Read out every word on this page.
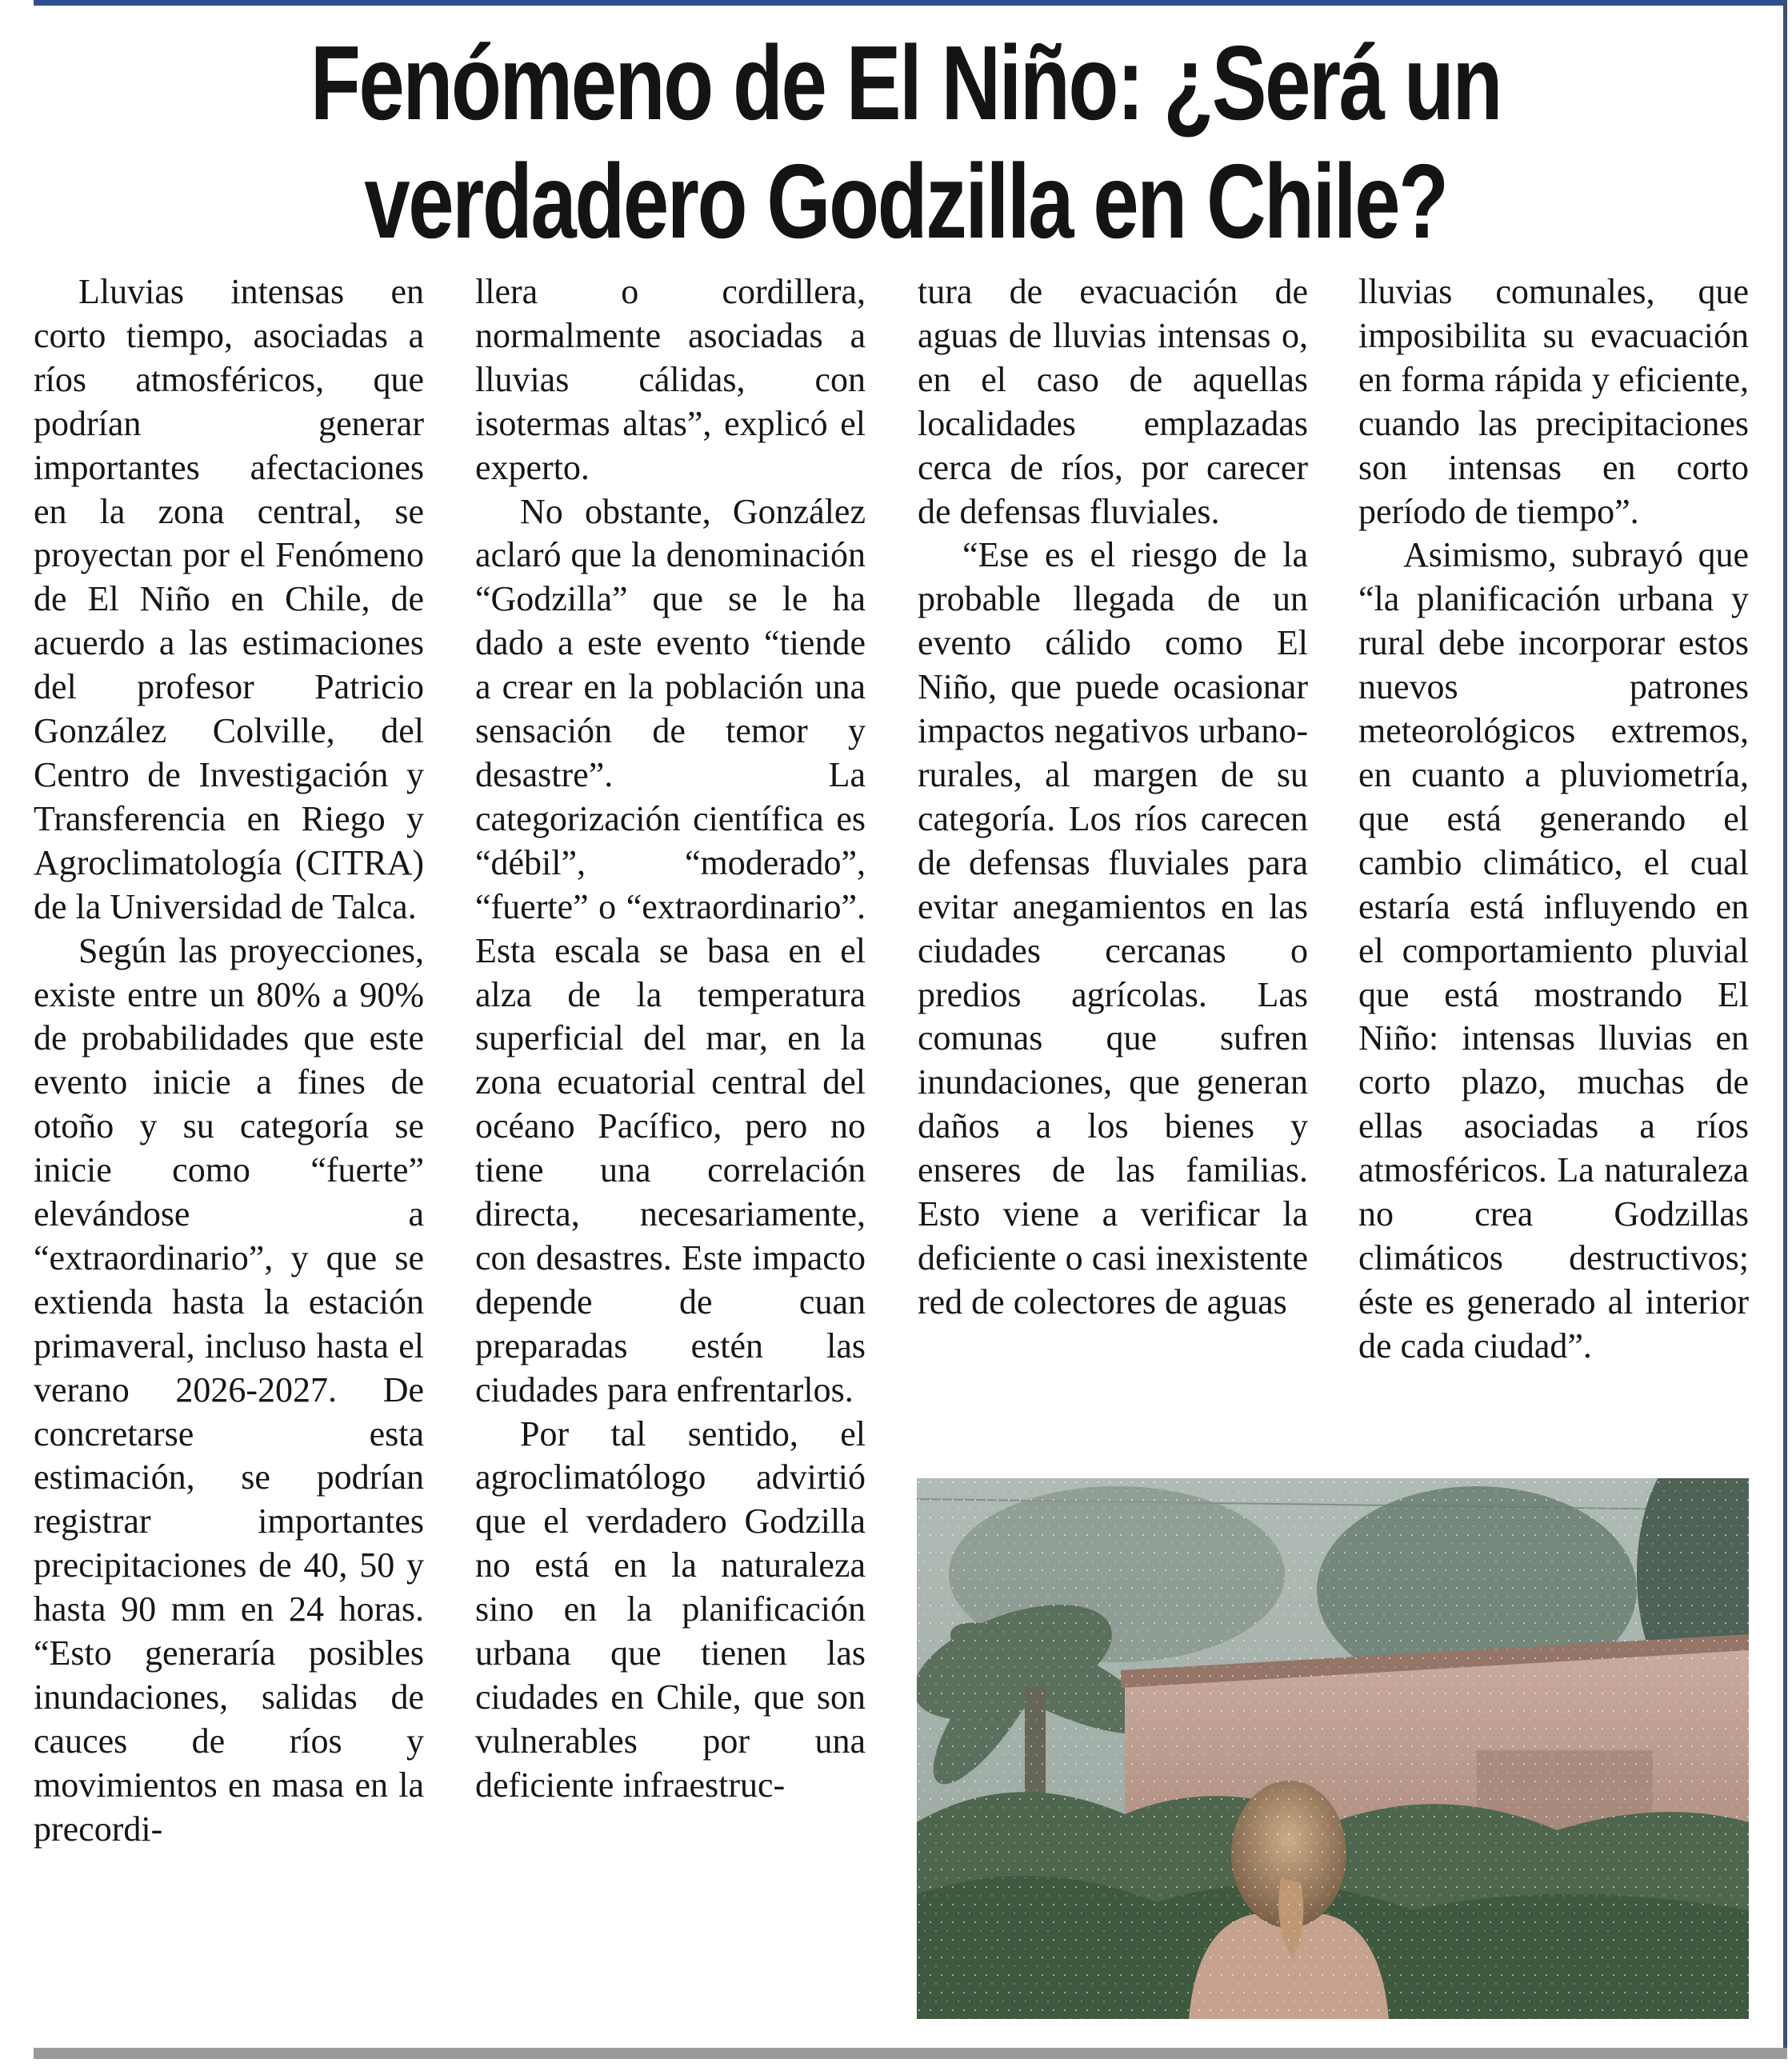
Fenómeno de El Niño: ¿Será un
verdadero Godzilla en Chile?

Lluvias intensas en corto tiempo, asociadas a ríos atmosféricos, que podrían generar importantes afectaciones en la zona central, se proyectan por el Fenómeno de El Niño en Chile, de acuerdo a las estimaciones del profesor Patricio González Colville, del Centro de Investigación y Transferencia en Riego y Agroclimatología (CITRA) de la Universidad de Talca.

Según las proyecciones, existe entre un 80% a 90% de probabilidades que este evento inicie a fines de otoño y su categoría se inicie como “fuerte” elevándose a “extraordinario”, y que se extienda hasta la estación primaveral, incluso hasta el verano 2026-2027. De concretarse esta estimación, se podrían registrar importantes precipitaciones de 40, 50 y hasta 90 mm en 24 horas. “Esto generaría posibles inundaciones, salidas de cauces de ríos y movimientos en masa en la precordi-

llera o cordillera, normalmente asociadas a lluvias cálidas, con isotermas altas”, explicó el experto.

No obstante, González aclaró que la denominación “Godzilla” que se le ha dado a este evento “tiende a crear en la población una sensación de temor y desastre”. La categorización científica es “débil”, “moderado”, “fuerte” o “extraordinario”. Esta escala se basa en el alza de la temperatura superficial del mar, en la zona ecuatorial central del océano Pacífico, pero no tiene una correlación directa, necesariamente, con desastres. Este impacto depende de cuan preparadas estén las ciudades para enfrentarlos.

Por tal sentido, el agroclimatólogo advirtió que el verdadero Godzilla no está en la naturaleza sino en la planificación urbana que tienen las ciudades en Chile, que son vulnerables por una deficiente infraestruc-

tura de evacuación de aguas de lluvias intensas o, en el caso de aquellas localidades emplazadas cerca de ríos, por carecer de defensas fluviales.

“Ese es el riesgo de la probable llegada de un evento cálido como El Niño, que puede ocasionar impactos negativos urbano-rurales, al margen de su categoría. Los ríos carecen de defensas fluviales para evitar anegamientos en las ciudades cercanas o predios agrícolas. Las comunas que sufren inundaciones, que generan daños a los bienes y enseres de las familias. Esto viene a verificar la deficiente o casi inexistente red de colectores de aguas

lluvias comunales, que imposibilita su evacuación en forma rápida y eficiente, cuando las precipitaciones son intensas en corto período de tiempo”.

Asimismo, subrayó que “la planificación urbana y rural debe incorporar estos nuevos patrones meteorológicos extremos, en cuanto a pluviometría, que está generando el cambio climático, el cual estaría está influyendo en el comportamiento pluvial que está mostrando El Niño: intensas lluvias en corto plazo, muchas de ellas asociadas a ríos atmosféricos. La naturaleza no crea Godzillas climáticos destructivos; éste es generado al interior de cada ciudad”.
